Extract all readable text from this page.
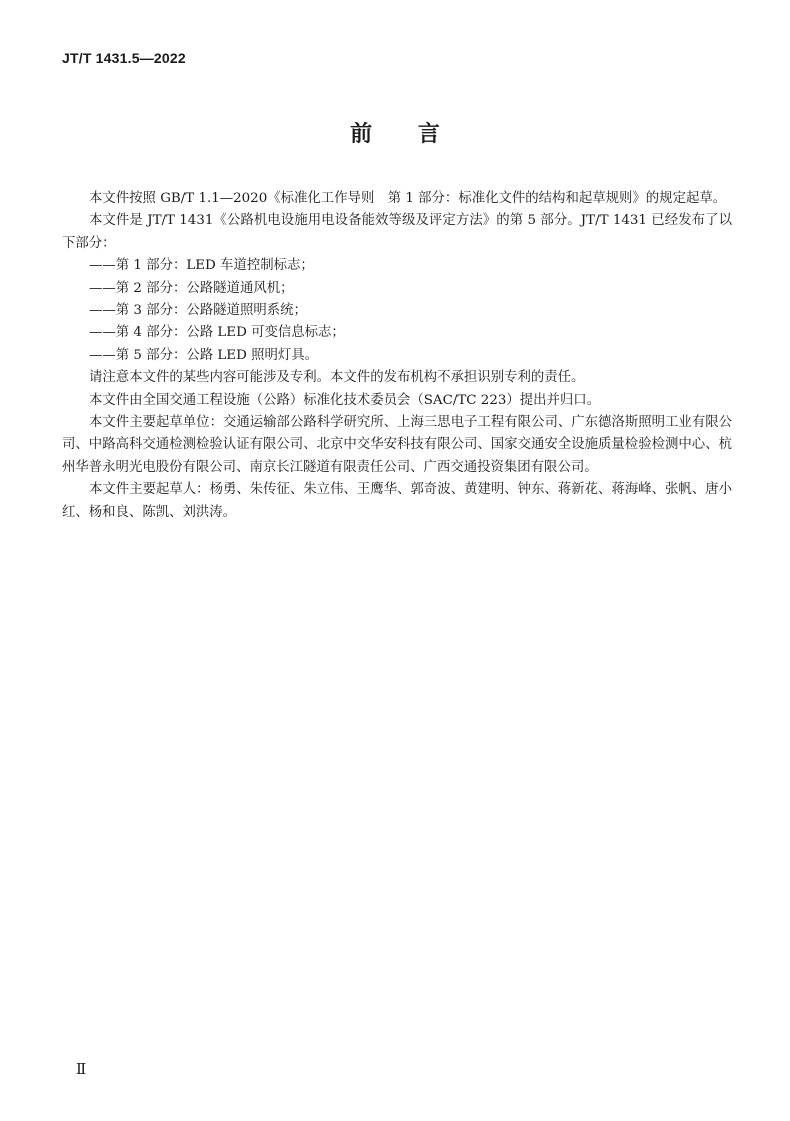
JT/T 1431.5—2022
前 言

本文件按照 GB/T 1.1—2020《标准化工作导则　第 1 部分：标准化文件的结构和起草规则》的规定起草。

本文件是 JT/T 1431《公路机电设施用电设备能效等级及评定方法》的第 5 部分。JT/T 1431 已经发布了以下部分：

——第 1 部分：LED 车道控制标志；

——第 2 部分：公路隧道通风机；

——第 3 部分：公路隧道照明系统；

——第 4 部分：公路 LED 可变信息标志；

——第 5 部分：公路 LED 照明灯具。

请注意本文件的某些内容可能涉及专利。本文件的发布机构不承担识别专利的责任。

本文件由全国交通工程设施（公路）标准化技术委员会（SAC/TC 223）提出并归口。

本文件主要起草单位：交通运输部公路科学研究所、上海三思电子工程有限公司、广东德洛斯照明工业有限公司、中路高科交通检测检验认证有限公司、北京中交华安科技有限公司、国家交通安全设施质量检验检测中心、杭州华普永明光电股份有限公司、南京长江隧道有限责任公司、广西交通投资集团有限公司。

本文件主要起草人：杨勇、朱传征、朱立伟、王鹰华、郭奇波、黄建明、钟东、蒋新花、蒋海峰、张帆、唐小红、杨和良、陈凯、刘洪涛。

Ⅱ
